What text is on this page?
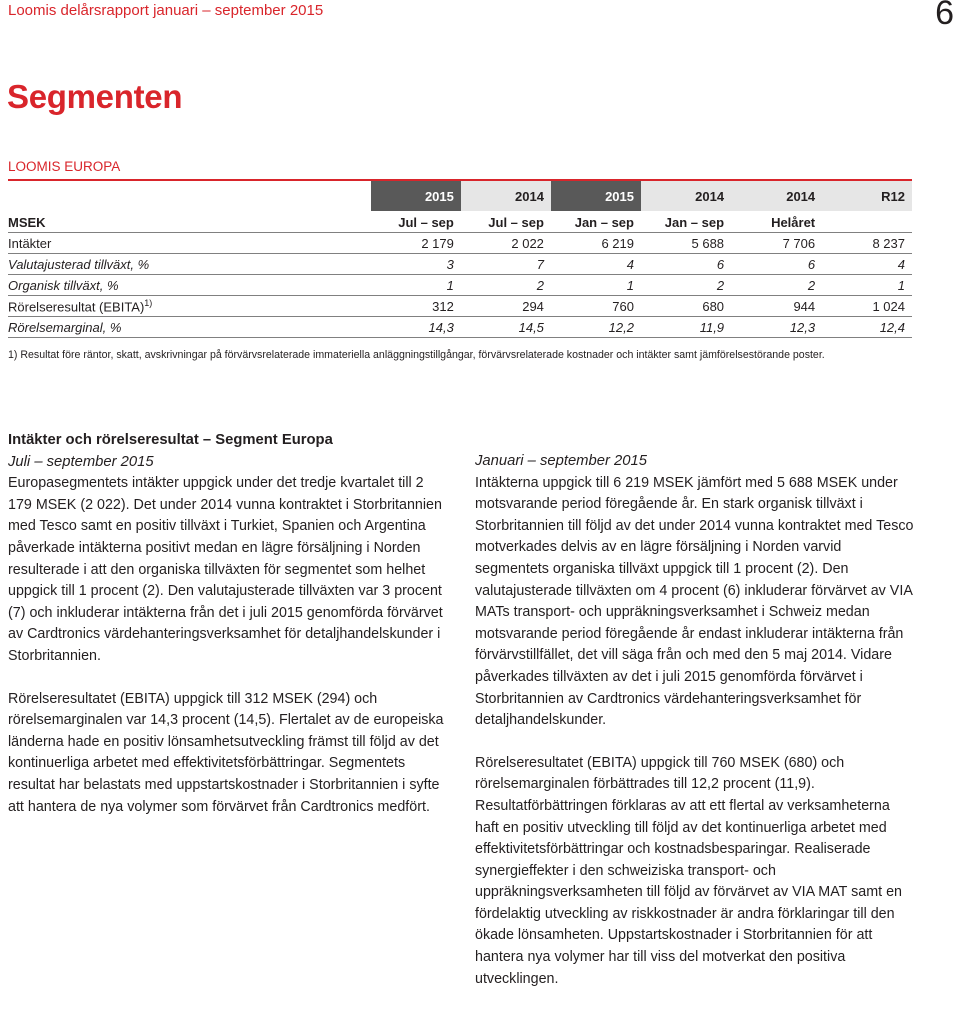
Loomis delårsrapport januari – september 2015	6
Segmenten
LOOMIS EUROPA
	2015	2014	2015	2014	2014	R12
MSEK	Jul – sep	Jul – sep	Jan – sep	Jan – sep	Helåret	
Intäkter	2 179	2 022	6 219	5 688	7 706	8 237
Valutajusterad tillväxt, %	3	7	4	6	6	4
Organisk tillväxt, %	1	2	1	2	2	1
Rörelseresultat (EBITA)$^{1)}$	312	294	760	680	944	1 024
Rörelsemarginal, %	14,3	14,5	12,2	11,9	12,3	12,4
1) Resultat före räntor, skatt, avskrivningar på förvärvsrelaterade immateriella anläggningstillgångar, förvärvsrelaterade kostnader och intäkter samt jämförelsestörande poster.
Intäkter och rörelseresultat – Segment Europa
Juli – september 2015

Europasegmentets intäkter uppgick under det tredje kvartalet till 2 179 MSEK (2 022). Det under 2014 vunna kontraktet i Storbritannien med Tesco samt en positiv tillväxt i Turkiet, Spanien och Argentina påverkade intäkterna positivt medan en lägre försäljning i Norden resulterade i att den organiska tillväxten för segmentet som helhet uppgick till 1 procent (2). Den valutajusterade tillväxten var 3 procent (7) och inkluderar intäkterna från det i juli 2015 genomförda förvärvet av Cardtronics värdehanteringsverksamhet för detaljhandelskunder i Storbritannien.

Rörelseresultatet (EBITA) uppgick till 312 MSEK (294) och rörelsemarginalen var 14,3 procent (14,5). Flertalet av de europeiska länderna hade en positiv lönsamhetsutveckling främst till följd av det kontinuerliga arbetet med effektivitetsförbättringar. Segmentets resultat har belastats med uppstartskostnader i Storbritannien i syfte att hantera de nya volymer som förvärvet från Cardtronics medfört.

Januari – september 2015

Intäkterna uppgick till 6 219 MSEK jämfört med 5 688 MSEK under motsvarande period föregående år. En stark organisk tillväxt i Storbritannien till följd av det under 2014 vunna kontraktet med Tesco motverkades delvis av en lägre försäljning i Norden varvid segmentets organiska tillväxt uppgick till 1 procent (2). Den valutajusterade tillväxten om 4 procent (6) inkluderar förvärvet av VIA MATs transport- och uppräkningsverksamhet i Schweiz medan motsvarande period föregående år endast inkluderar intäkterna från förvärvstillfället, det vill säga från och med den 5 maj 2014. Vidare påverkades tillväxten av det i juli 2015 genomförda förvärvet i Storbritannien av Cardtronics värdehanteringsverksamhet för detaljhandelskunder.

Rörelseresultatet (EBITA) uppgick till 760 MSEK (680) och rörelsemarginalen förbättrades till 12,2 procent (11,9). Resultatförbättringen förklaras av att ett flertal av verksamheterna haft en positiv utveckling till följd av det kontinuerliga arbetet med effektivitetsförbättringar och kostnadsbesparingar. Realiserade synergieffekter i den schweiziska transport- och uppräkningsverksamheten till följd av förvärvet av VIA MAT samt en fördelaktig utveckling av riskkostnader är andra förklaringar till den ökade lönsamheten. Uppstartskostnader i Storbritannien för att hantera nya volymer har till viss del motverkat den positiva utvecklingen.
